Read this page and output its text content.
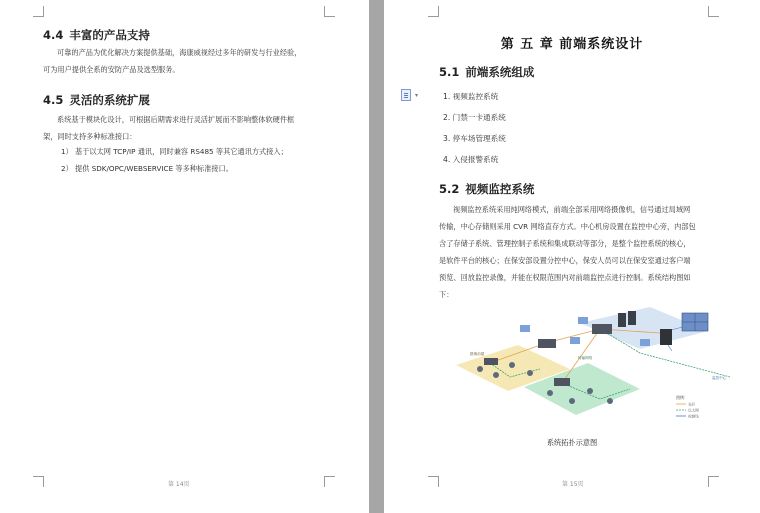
4.4 丰富的产品支持
可靠的产品为优化解决方案提供基础，海康威视经过多年的研发与行业经验，
可为用户提供全系的安防产品及选型服务。
4.5 灵活的系统扩展
系统基于模块化设计，可根据后期需求进行灵活扩展而不影响整体软硬件框
架，同时支持多种标准接口：
1） 基于以太网 TCP/IP 通讯，同时兼容 RS485 等其它通讯方式接入；
2） 提供 SDK/OPC/WEBSERVICE 等多种标准接口。
第 14页
第 五 章 前端系统设计
5.1 前端系统组成
1. 视频监控系统
2. 门禁一卡通系统
3. 停车场管理系统
4. 入侵报警系统
5.2 视频监控系统
视频监控系统采用纯网络模式，前端全部采用网络摄像机，信号通过局域网
传输，中心存储则采用 CVR 网络直存方式。中心机房设置在监控中心旁，内部包
含了存储子系统、管理控制子系统和集成联动等部分，是整个监控系统的核心，
是软件平台的核心；在保安部设置分控中心，保安人员可以在保安室通过客户端
预览、回放监控录像，并能在权限范围内对前端监控点进行控制。系统结构图如
下：
图例：
光纤
以太网
视频线
摄像前端
传输网络
监控中心
系统拓扑示意图
第 15页
▾
